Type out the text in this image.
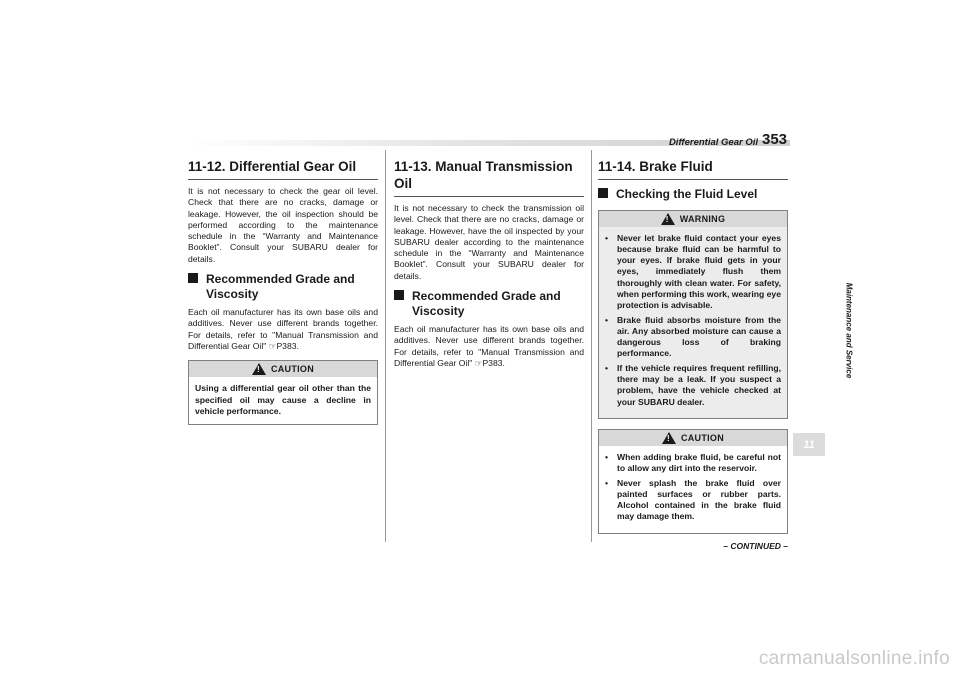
Differential Gear Oil 353
Maintenance and Service
11
11-12. Differential Gear Oil

It is not necessary to check the gear oil level. Check that there are no cracks, damage or leakage. However, the oil inspection should be performed according to the maintenance schedule in the “Warranty and Maintenance Booklet”. Consult your SUBARU dealer for details.

Recommended Grade and Viscosity

Each oil manufacturer has its own base oils and additives. Never use different brands together. For details, refer to "Manual Transmission and Differential Gear Oil" ☞P383.

!
CAUTION
Using a differential gear oil other than the specified oil may cause a decline in vehicle performance.
11-13. Manual Transmission Oil

It is not necessary to check the transmission oil level. Check that there are no cracks, damage or leakage. However, have the oil inspected by your SUBARU dealer according to the maintenance schedule in the “Warranty and Maintenance Booklet”. Consult your SUBARU dealer for details.

Recommended Grade and Viscosity

Each oil manufacturer has its own base oils and additives. Never use different brands together. For details, refer to "Manual Transmission and Differential Gear Oil" ☞P383.

11-14. Brake Fluid
Checking the Fluid Level
!
WARNING
• Never let brake fluid contact your eyes because brake fluid can be harmful to your eyes. If brake fluid gets in your eyes, immediately flush them thoroughly with clean water. For safety, when performing this work, wearing eye protection is advisable.
• Brake fluid absorbs moisture from the air. Any absorbed moisture can cause a dangerous loss of braking performance.
• If the vehicle requires frequent refilling, there may be a leak. If you suspect a problem, have the vehicle checked at your SUBARU dealer.
!
CAUTION
• When adding brake fluid, be careful not to allow any dirt into the reservoir.
• Never splash the brake fluid over painted surfaces or rubber parts. Alcohol contained in the brake fluid may damage them.
– CONTINUED –
carmanualsonline.info
